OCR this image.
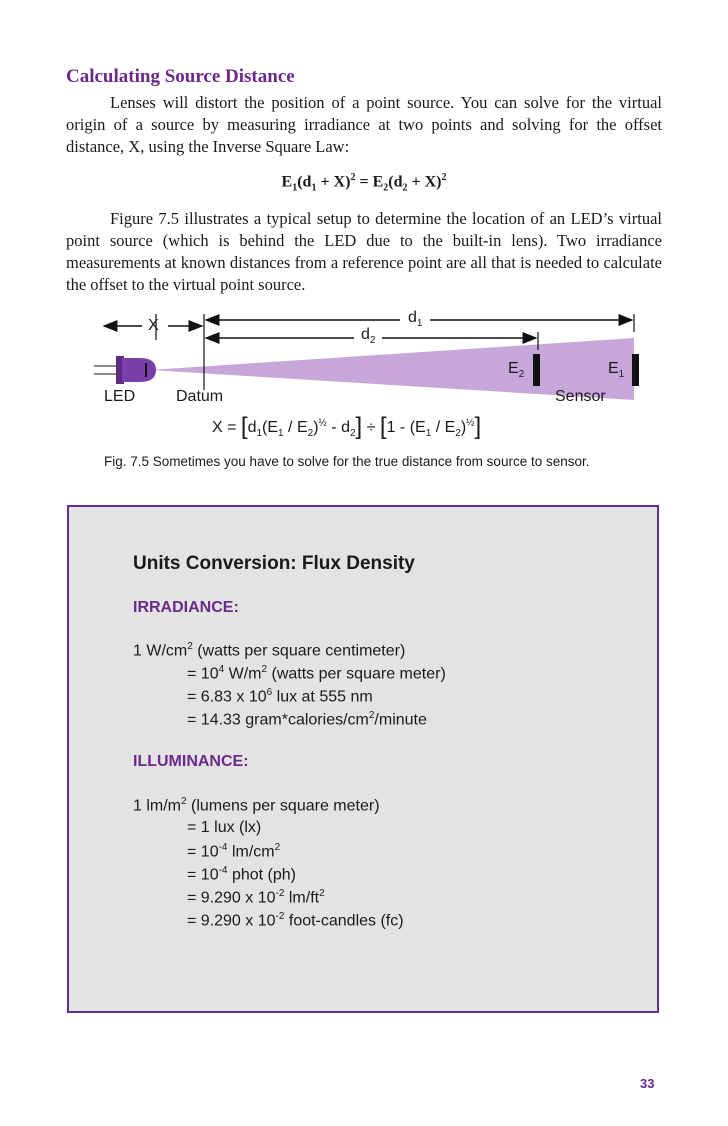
Calculating Source Distance
Lenses will distort the position of a point source. You can solve for the virtual origin of a source by measuring irradiance at two points and solving for the offset distance, X, using the Inverse Square Law:
$E_1(d_1 + X)^2 = E_2(d_2 + X)^2$
Figure 7.5 illustrates a typical setup to determine the location of an LED’s virtual point source (which is behind the LED due to the built-in lens). Two irradiance measurements at known distances from a reference point are all that is needed to calculate the offset to the virtual point source.
X	$d_1$
$d_2$
$E_2$	$E_1$
LED	Datum	Sensor
$X = [d_1(E_1 / E_2)^{\frac{1}{2}} - d_2] \div [1 - (E_1 / E_2)^{\frac{1}{2}}]$
Fig. 7.5 Sometimes you have to solve for the true distance from source to sensor.
Units Conversion: Flux Density
IRRADIANCE:
1 $W/cm^2$ (watts per square centimeter)
= $10^4$ $W/m^2$ (watts per square meter)
= 6.83 x $10^6$ lux at 555 nm
= 14.33 $gram*calories/cm^2$/minute
ILLUMINANCE:
1 $lm/m^2$ (lumens per square meter)
= 1 lux (lx)
= $10^{-4}$ $lm/cm^2$
= $10^{-4}$ phot (ph)
= 9.290 x $10^{-2}$ $lm/ft^2$
= 9.290 x $10^{-2}$ foot-candles (fc)
33
